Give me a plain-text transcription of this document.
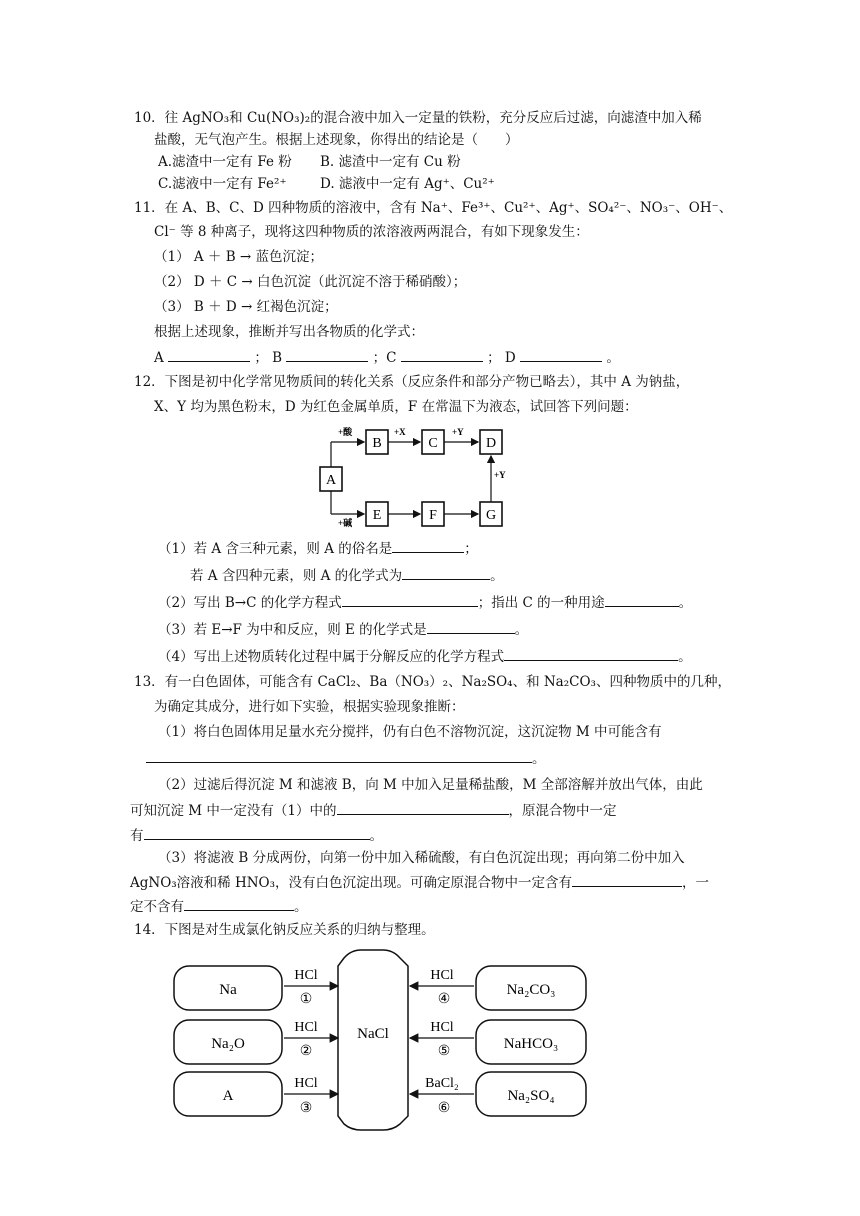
10．往 AgNO₃和 Cu(NO₃)₂的混合液中加入一定量的铁粉，充分反应后过滤，向滤渣中加入稀
盐酸，无气泡产生。根据上述现象，你得出的结论是（　　）
A.滤渣中一定有 Fe 粉 B. 滤渣中一定有 Cu 粉
C.滤液中一定有 Fe²⁺ D. 滤液中一定有 Ag⁺、Cu²⁺
11．在 A、B、C、D 四种物质的溶液中，含有 Na⁺、Fe³⁺、Cu²⁺、Ag⁺、SO₄²⁻、NO₃⁻、OH⁻、
Cl⁻ 等 8 种离子，现将这四种物质的浓溶液两两混合，有如下现象发生：
（1） A ＋ B → 蓝色沉淀；
（2） D ＋ C → 白色沉淀（此沉淀不溶于稀硝酸）；
（3） B ＋ D → 红褐色沉淀；
根据上述现象，推断并写出各物质的化学式：
A	； B	；C	； D	。
12．下图是初中化学常见物质间的转化关系（反应条件和部分产物已略去），其中 A 为钠盐，
X、Y 均为黑色粉末，D 为红色金属单质，F 在常温下为液态，试回答下列问题：
A
+酸
B
+X
C
+Y
D
+Y
+碱 E	F	G
（1）若 A 含三种元素，则 A 的俗名是	；
若 A 含四种元素，则 A 的化学式为	。
（2）写出 B→C 的化学方程式	；指出 C 的一种用途	。
（3）若 E→F 为中和反应，则 E 的化学式是	。
（4）写出上述物质转化过程中属于分解反应的化学方程式	。
13．有一白色固体，可能含有 CaCl₂、Ba（NO₃）₂、Na₂SO₄、和 Na₂CO₃、四种物质中的几种，
为确定其成分，进行如下实验，根据实验现象推断：
（1）将白色固体用足量水充分搅拌，仍有白色不溶物沉淀，这沉淀物 M 中可能含有
。
（2）过滤后得沉淀 M 和滤液 B，向 M 中加入足量稀盐酸，M 全部溶解并放出气体，由此
可知沉淀 M 中一定没有（1）中的	，原混合物中一定
有	。
（3）将滤液 B 分成两份，向第一份中加入稀硫酸，有白色沉淀出现；再向第二份中加入
AgNO₃溶液和稀 HNO₃，没有白色沉淀出现。可确定原混合物中一定含有	，一
定不含有	。
14．下图是对生成氯化钠反应关系的归纳与整理。
NaCl
Na
Na₂O
A
HCl
①
HCl
②
HCl
③
Na₂CO₃
NaHCO₃
Na₂SO₄
HCl
④
HCl
⑤
BaCl₂
⑥
